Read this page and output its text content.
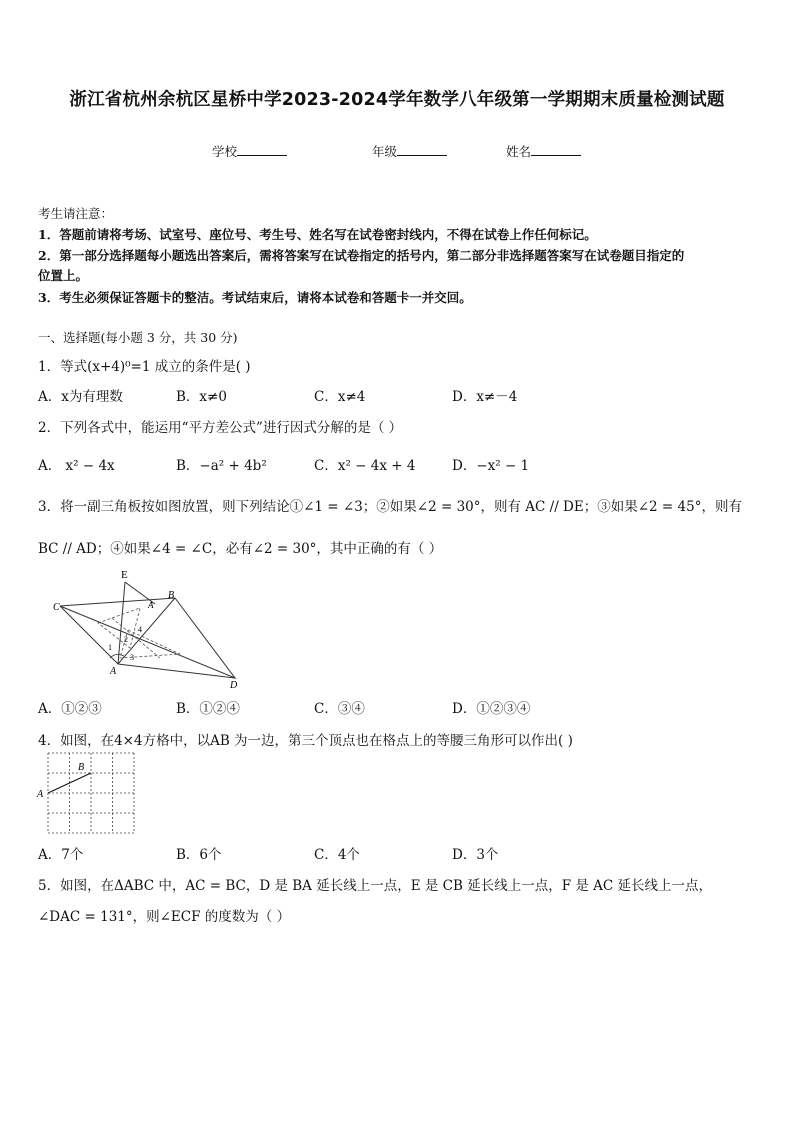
浙江省杭州余杭区星桥中学2023-2024学年数学八年级第一学期期末质量检测试题
学校	年级	姓名
考生请注意：
1．答题前请将考场、试室号、座位号、考生号、姓名写在试卷密封线内，不得在试卷上作任何标记。
2．第一部分选择题每小题选出答案后，需将答案写在试卷指定的括号内，第二部分非选择题答案写在试卷题目指定的
位置上。
3．考生必须保证答题卡的整洁。考试结束后，请将本试卷和答题卡一并交回。
一、选择题(每小题 3 分，共 30 分)
1．等式(x+4)⁰=1 成立的条件是( )
A．x为有理数	B．x≠0	C．x≠4	D．x≠－4
2．下列各式中，能运用“平方差公式”进行因式分解的是（ ）
A． x² − 4x	B．−a² + 4b²	C．x² − 4x + 4	D．−x² − 1
3．将一副三角板按如图放置，则下列结论①∠1 = ∠3；②如果∠2 = 30°，则有 AC // DE；③如果∠2 = 45°，则有
BC // AD；④如果∠4 = ∠C，必有∠2 = 30°，其中正确的有（ ）
E
C
B
A
A
D
1
2
3
4
A．①②③	B．①②④	C．③④	D．①②③④
4．如图，在4×4方格中，以AB 为一边，第三个顶点也在格点上的等腰三角形可以作出( )
A
B
A．7个	B．6个	C．4个	D．3个
5．如图，在ΔABC 中，AC = BC，D 是 BA 延长线上一点，E 是 CB 延长线上一点，F 是 AC 延长线上一点，
∠DAC = 131°，则∠ECF 的度数为（ ）
